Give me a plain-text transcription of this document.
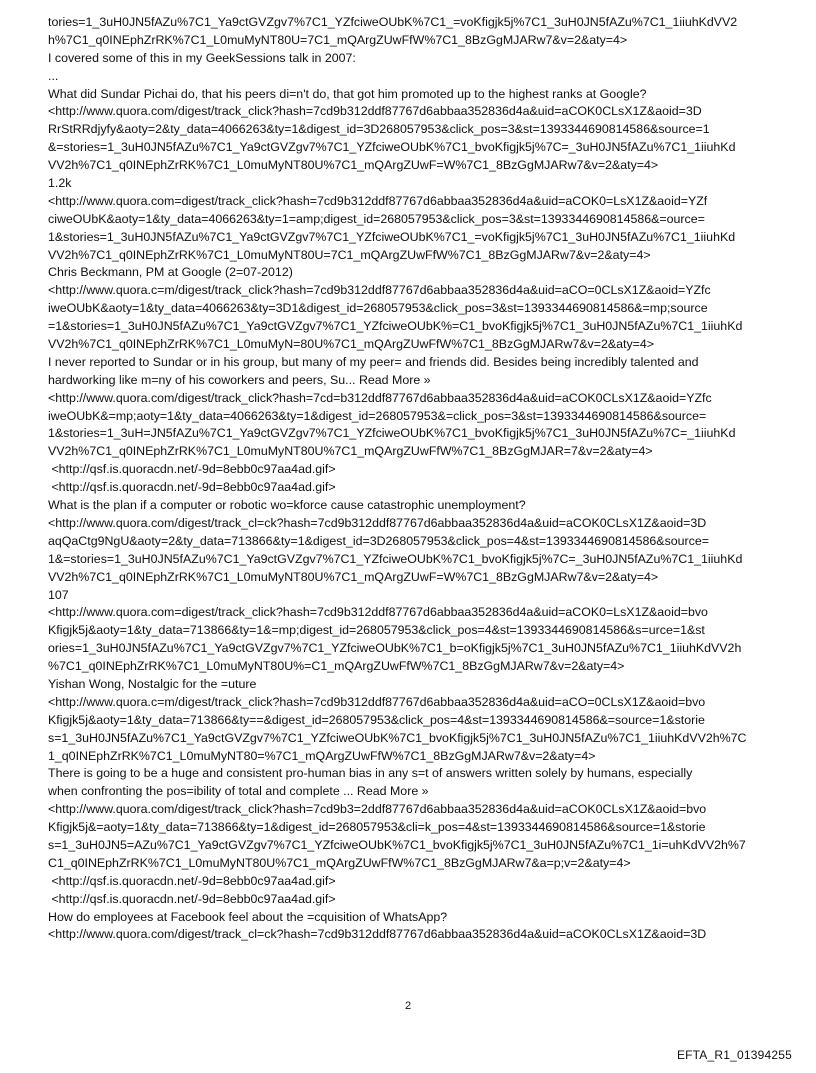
tories=1_3uH0JN5fAZu%7C1_Ya9ctGVZgv7%7C1_YZfciweOUbK%7C1_=voKfigjk5j%7C1_3uH0JN5fAZu%7C1_1iiuhKdVV2
h%7C1_q0INEphZrRK%7C1_L0muMyNT80U=7C1_mQArgZUwFfW%7C1_8BzGgMJARw7&v=2&aty=4>
I covered some of this in my GeekSessions talk in 2007:
...
What did Sundar Pichai do, that his peers di=n't do, that got him promoted up to the highest ranks at Google?
<http://www.quora.com/digest/track_click?hash=7cd9b312ddf87767d6abbaa352836d4a&uid=aCOK0CLsX1Z&aoid=3D
RrStRRdjyfy&aoty=2&ty_data=4066263&ty=1&digest_id=3D268057953&click_pos=3&st=1393344690814586&source=1
&=stories=1_3uH0JN5fAZu%7C1_Ya9ctGVZgv7%7C1_YZfciweOUbK%7C1_bvoKfigjk5j%7C=_3uH0JN5fAZu%7C1_1iiuhKd
VV2h%7C1_q0INEphZrRK%7C1_L0muMyNT80U%7C1_mQArgZUwF=W%7C1_8BzGgMJARw7&v=2&aty=4>
1.2k
<http://www.quora.com=digest/track_click?hash=7cd9b312ddf87767d6abbaa352836d4a&uid=aCOK0=LsX1Z&aoid=YZf
ciweOUbK&aoty=1&ty_data=4066263&ty=1=amp;digest_id=268057953&click_pos=3&st=1393344690814586&=ource=
1&stories=1_3uH0JN5fAZu%7C1_Ya9ctGVZgv7%7C1_YZfciweOUbK%7C1_=voKfigjk5j%7C1_3uH0JN5fAZu%7C1_1iiuhKd
VV2h%7C1_q0INEphZrRK%7C1_L0muMyNT80U=7C1_mQArgZUwFfW%7C1_8BzGgMJARw7&v=2&aty=4>
Chris Beckmann, PM at Google (2=07-2012)
<http://www.quora.c=m/digest/track_click?hash=7cd9b312ddf87767d6abbaa352836d4a&uid=aCO=0CLsX1Z&aoid=YZfc
iweOUbK&aoty=1&ty_data=4066263&ty=3D1&digest_id=268057953&click_pos=3&st=1393344690814586&=mp;source
=1&stories=1_3uH0JN5fAZu%7C1_Ya9ctGVZgv7%7C1_YZfciweOUbK%=C1_bvoKfigjk5j%7C1_3uH0JN5fAZu%7C1_1iiuhKd
VV2h%7C1_q0INEphZrRK%7C1_L0muMyN=80U%7C1_mQArgZUwFfW%7C1_8BzGgMJARw7&v=2&aty=4>
I never reported to Sundar or in his group, but many of my peer= and friends did. Besides being incredibly talented and
hardworking like m=ny of his coworkers and peers, Su... Read More »
<http://www.quora.com/digest/track_click?hash=7cd=b312ddf87767d6abbaa352836d4a&uid=aCOK0CLsX1Z&aoid=YZfc
iweOUbK&=mp;aoty=1&ty_data=4066263&ty=1&digest_id=268057953&=click_pos=3&st=1393344690814586&source=
1&stories=1_3uH=JN5fAZu%7C1_Ya9ctGVZgv7%7C1_YZfciweOUbK%7C1_bvoKfigjk5j%7C1_3uH0JN5fAZu%7C=_1iiuhKd
VV2h%7C1_q0INEphZrRK%7C1_L0muMyNT80U%7C1_mQArgZUwFfW%7C1_8BzGgMJAR=7&v=2&aty=4>
<http://qsf.is.quoracdn.net/-9d=8ebb0c97aa4ad.gif>
<http://qsf.is.quoracdn.net/-9d=8ebb0c97aa4ad.gif>
What is the plan if a computer or robotic wo=kforce cause catastrophic unemployment?
<http://www.quora.com/digest/track_cl=ck?hash=7cd9b312ddf87767d6abbaa352836d4a&uid=aCOK0CLsX1Z&aoid=3D
aqQaCtg9NgU&aoty=2&ty_data=713866&ty=1&digest_id=3D268057953&click_pos=4&st=1393344690814586&source=
1&=stories=1_3uH0JN5fAZu%7C1_Ya9ctGVZgv7%7C1_YZfciweOUbK%7C1_bvoKfigjk5j%7C=_3uH0JN5fAZu%7C1_1iiuhKd
VV2h%7C1_q0INEphZrRK%7C1_L0muMyNT80U%7C1_mQArgZUwF=W%7C1_8BzGgMJARw7&v=2&aty=4>
107
<http://www.quora.com=digest/track_click?hash=7cd9b312ddf87767d6abbaa352836d4a&uid=aCOK0=LsX1Z&aoid=bvo
Kfigjk5j&aoty=1&ty_data=713866&ty=1&=mp;digest_id=268057953&click_pos=4&st=1393344690814586&s=urce=1&st
ories=1_3uH0JN5fAZu%7C1_Ya9ctGVZgv7%7C1_YZfciweOUbK%7C1_b=oKfigjk5j%7C1_3uH0JN5fAZu%7C1_1iiuhKdVV2h
%7C1_q0INEphZrRK%7C1_L0muMyNT80U%=C1_mQArgZUwFfW%7C1_8BzGgMJARw7&v=2&aty=4>
Yishan Wong, Nostalgic for the =uture
<http://www.quora.c=m/digest/track_click?hash=7cd9b312ddf87767d6abbaa352836d4a&uid=aCO=0CLsX1Z&aoid=bvo
Kfigjk5j&aoty=1&ty_data=713866&ty==&digest_id=268057953&click_pos=4&st=1393344690814586&=source=1&storie
s=1_3uH0JN5fAZu%7C1_Ya9ctGVZgv7%7C1_YZfciweOUbK%7C1_bvoKfigjk5j%7C1_3uH0JN5fAZu%7C1_1iiuhKdVV2h%7C
1_q0INEphZrRK%7C1_L0muMyNT80=%7C1_mQArgZUwFfW%7C1_8BzGgMJARw7&v=2&aty=4>
There is going to be a huge and consistent pro-human bias in any s=t of answers written solely by humans, especially
when confronting the pos=ibility of total and complete ... Read More »
<http://www.quora.com/digest/track_click?hash=7cd9b3=2ddf87767d6abbaa352836d4a&uid=aCOK0CLsX1Z&aoid=bvo
Kfigjk5j&=aoty=1&ty_data=713866&ty=1&digest_id=268057953&cli=k_pos=4&st=1393344690814586&source=1&storie
s=1_3uH0JN5=AZu%7C1_Ya9ctGVZgv7%7C1_YZfciweOUbK%7C1_bvoKfigjk5j%7C1_3uH0JN5fAZu%7C1_1i=uhKdVV2h%7
C1_q0INEphZrRK%7C1_L0muMyNT80U%7C1_mQArgZUwFfW%7C1_8BzGgMJARw7&a=p;v=2&aty=4>
<http://qsf.is.quoracdn.net/-9d=8ebb0c97aa4ad.gif>
<http://qsf.is.quoracdn.net/-9d=8ebb0c97aa4ad.gif>
How do employees at Facebook feel about the =cquisition of WhatsApp?
<http://www.quora.com/digest/track_cl=ck?hash=7cd9b312ddf87767d6abbaa352836d4a&uid=aCOK0CLsX1Z&aoid=3D
2
EFTA_R1_01394255
